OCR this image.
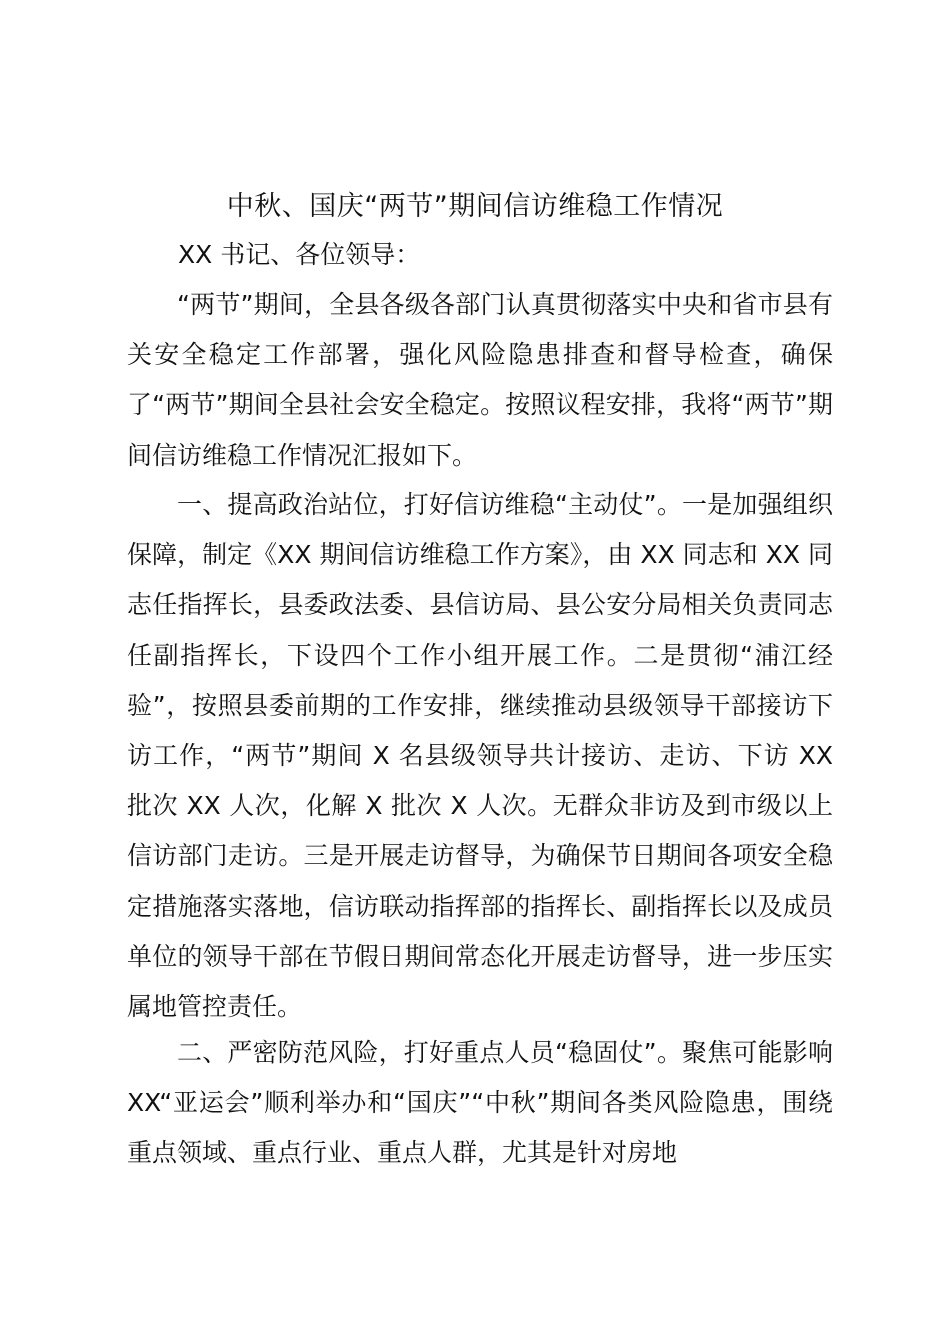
中秋、国庆“两节”期间信访维稳工作情况
XX 书记、各位领导：

“两节”期间，全县各级各部门认真贯彻落实中央和省市县有关安全稳定工作部署，强化风险隐患排查和督导检查，确保了“两节”期间全县社会安全稳定。按照议程安排，我将“两节”期间信访维稳工作情况汇报如下。

一、提高政治站位，打好信访维稳“主动仗”。一是加强组织保障，制定《XX 期间信访维稳工作方案》，由 XX 同志和 XX 同志任指挥长，县委政法委、县信访局、县公安分局相关负责同志任副指挥长，下设四个工作小组开展工作。二是贯彻“浦江经验”，按照县委前期的工作安排，继续推动县级领导干部接访下访工作，“两节”期间 X 名县级领导共计接访、走访、下访 XX 批次 XX 人次，化解 X 批次 X 人次。无群众非访及到市级以上信访部门走访。三是开展走访督导，为确保节日期间各项安全稳定措施落实落地，信访联动指挥部的指挥长、副指挥长以及成员单位的领导干部在节假日期间常态化开展走访督导，进一步压实属地管控责任。

二、严密防范风险，打好重点人员“稳固仗”。聚焦可能影响 XX“亚运会”顺利举办和“国庆”“中秋”期间各类风险隐患，围绕重点领域、重点行业、重点人群，尤其是针对房地
